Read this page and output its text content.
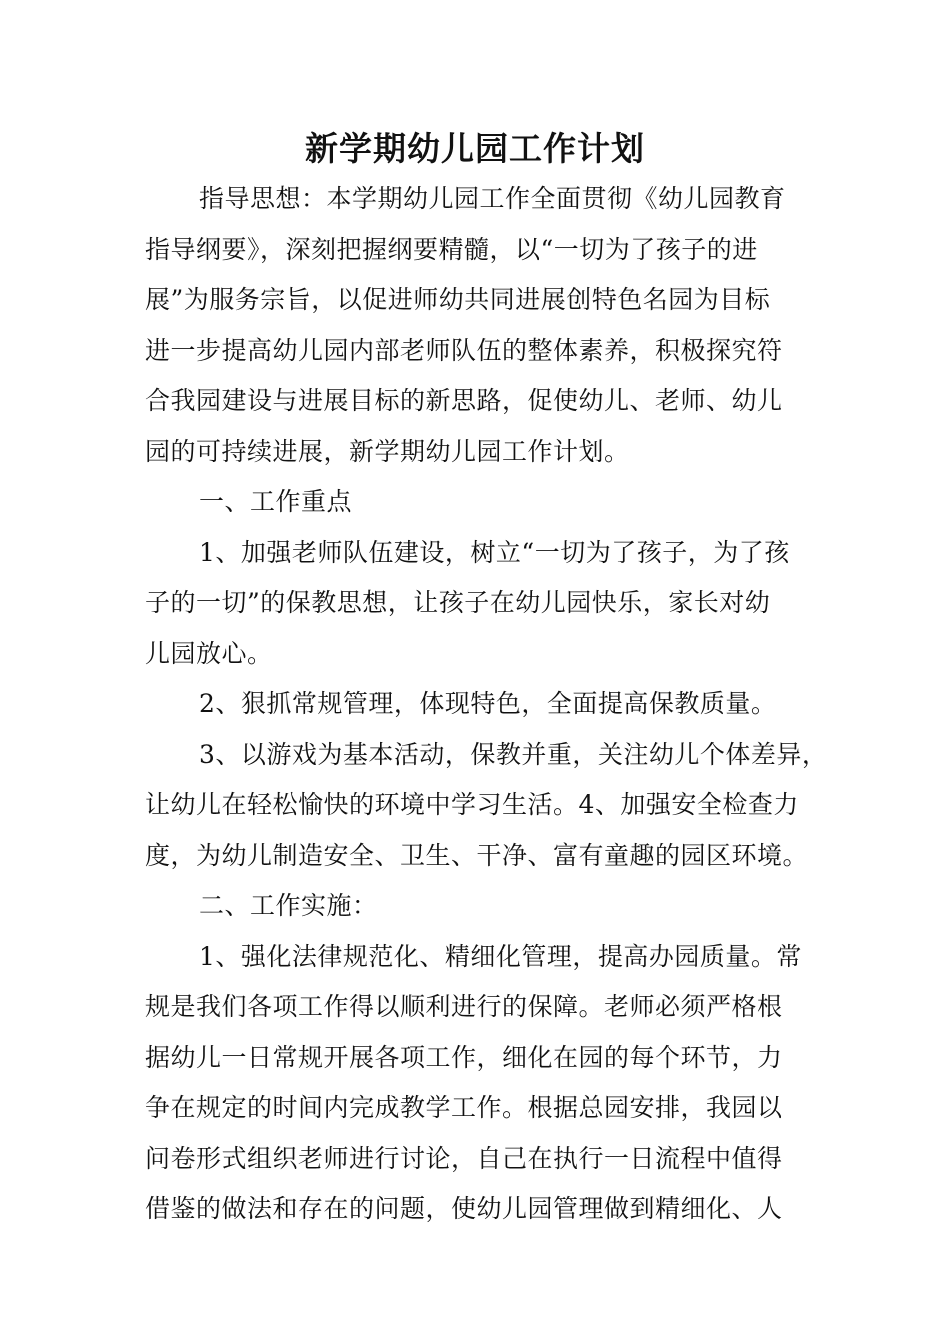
新学期幼儿园工作计划
指导思想：本学期幼儿园工作全面贯彻《幼儿园教育
指导纲要》，深刻把握纲要精髓，以“一切为了孩子的进
展”为服务宗旨，以促进师幼共同进展创特色名园为目标
进一步提高幼儿园内部老师队伍的整体素养，积极探究符
合我园建设与进展目标的新思路，促使幼儿、老师、幼儿
园的可持续进展，新学期幼儿园工作计划。
一、工作重点
1、加强老师队伍建设，树立“一切为了孩子，为了孩
子的一切”的保教思想，让孩子在幼儿园快乐，家长对幼
儿园放心。
2、狠抓常规管理，体现特色，全面提高保教质量。
3、以游戏为基本活动，保教并重，关注幼儿个体差异，
让幼儿在轻松愉快的环境中学习生活。4、加强安全检查力
度，为幼儿制造安全、卫生、干净、富有童趣的园区环境。
二、工作实施：
1、强化法律规范化、精细化管理，提高办园质量。常
规是我们各项工作得以顺利进行的保障。老师必须严格根
据幼儿一日常规开展各项工作，细化在园的每个环节，力
争在规定的时间内完成教学工作。根据总园安排，我园以
问卷形式组织老师进行讨论，自己在执行一日流程中值得
借鉴的做法和存在的问题，使幼儿园管理做到精细化、人
